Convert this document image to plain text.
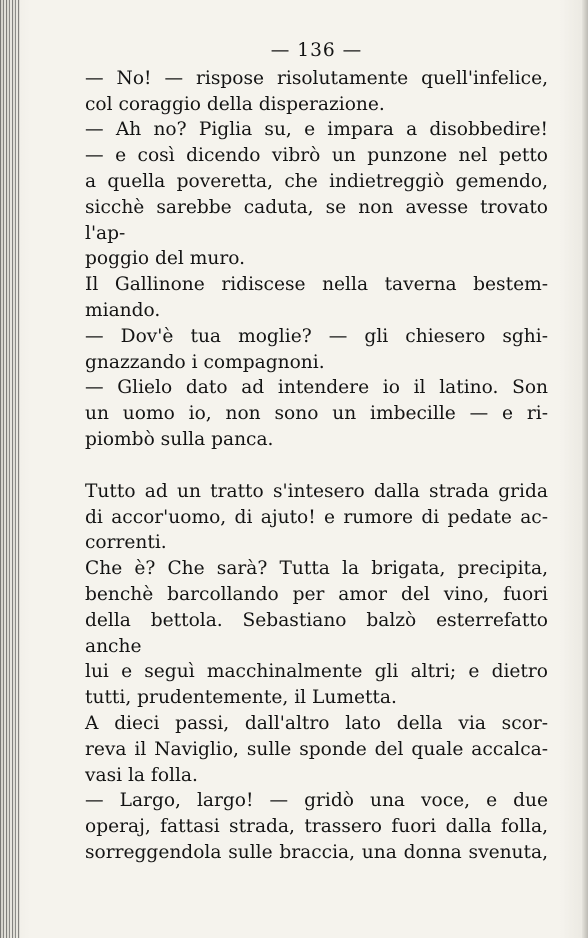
— 136 —

— No! — rispose risolutamente quell'infelice,
col coraggio della disperazione.

— Ah no? Piglia su, e impara a disobbedire!
— e così dicendo vibrò un punzone nel petto
a quella poveretta, che indietreggiò gemendo,
sicchè sarebbe caduta, se non avesse trovato l'ap-
poggio del muro.

Il Gallinone ridiscese nella taverna bestem-
miando.

— Dov'è tua moglie? — gli chiesero sghi-
gnazzando i compagnoni.

— Glielo dato ad intendere io il latino. Son
un uomo io, non sono un imbecille — e ri-
piombò sulla panca.

Tutto ad un tratto s'intesero dalla strada grida
di accor'uomo, di ajuto! e rumore di pedate ac-
correnti.

Che è? Che sarà? Tutta la brigata, precipita,
benchè barcollando per amor del vino, fuori
della bettola. Sebastiano balzò esterrefatto anche
lui e seguì macchinalmente gli altri; e dietro
tutti, prudentemente, il Lumetta.

A dieci passi, dall'altro lato della via scor-
reva il Naviglio, sulle sponde del quale accalca-
vasi la folla.

— Largo, largo! — gridò una voce, e due
operaj, fattasi strada, trassero fuori dalla folla,
sorreggendola sulle braccia, una donna svenuta,
